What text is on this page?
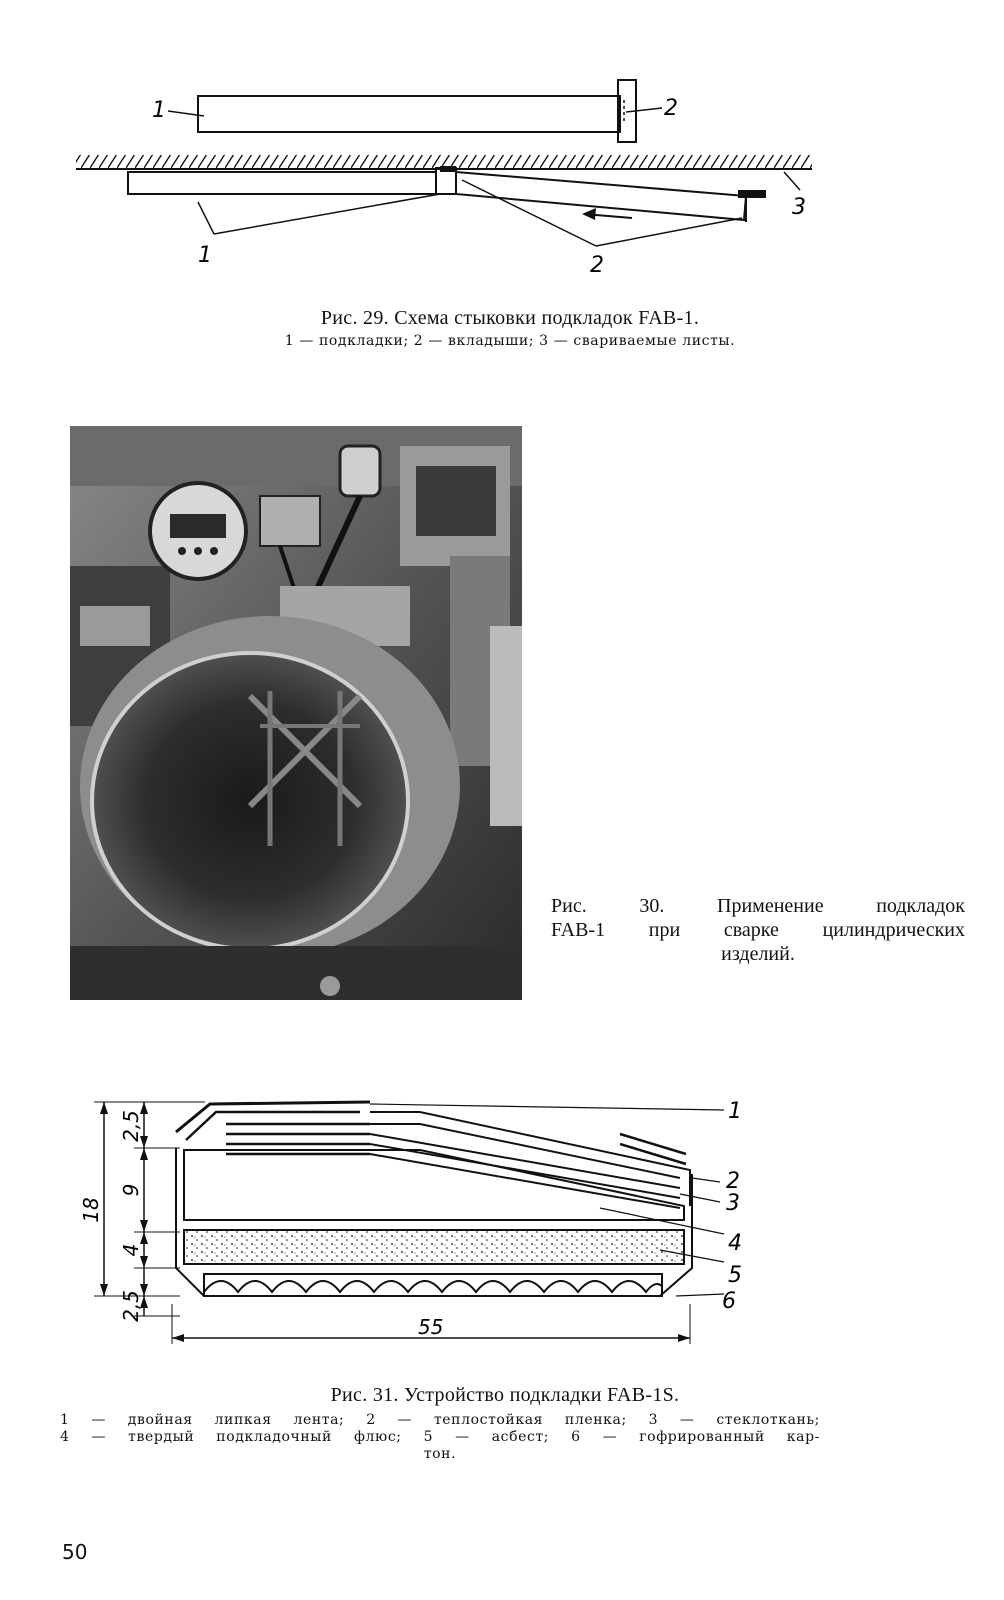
1	2
3
1	2
Рис. 29. Схема стыковки подкладок FAB-1.
1 — подкладки; 2 — вкладыши; 3 — свариваемые листы.
Рис. 30. Применение подкладок
FAB-1 при сварке цилиндрических
изделий.
1
2
3
4
5
6
18
2,5
9
4
2,5
55
Рис. 31. Устройство подкладки FAB-1S.
1 — двойная липкая лента; 2 — теплостойкая пленка; 3 — стеклоткань;
4 — твердый подкладочный флюс; 5 — асбест; 6 — гофрированный кар-
тон.
50
